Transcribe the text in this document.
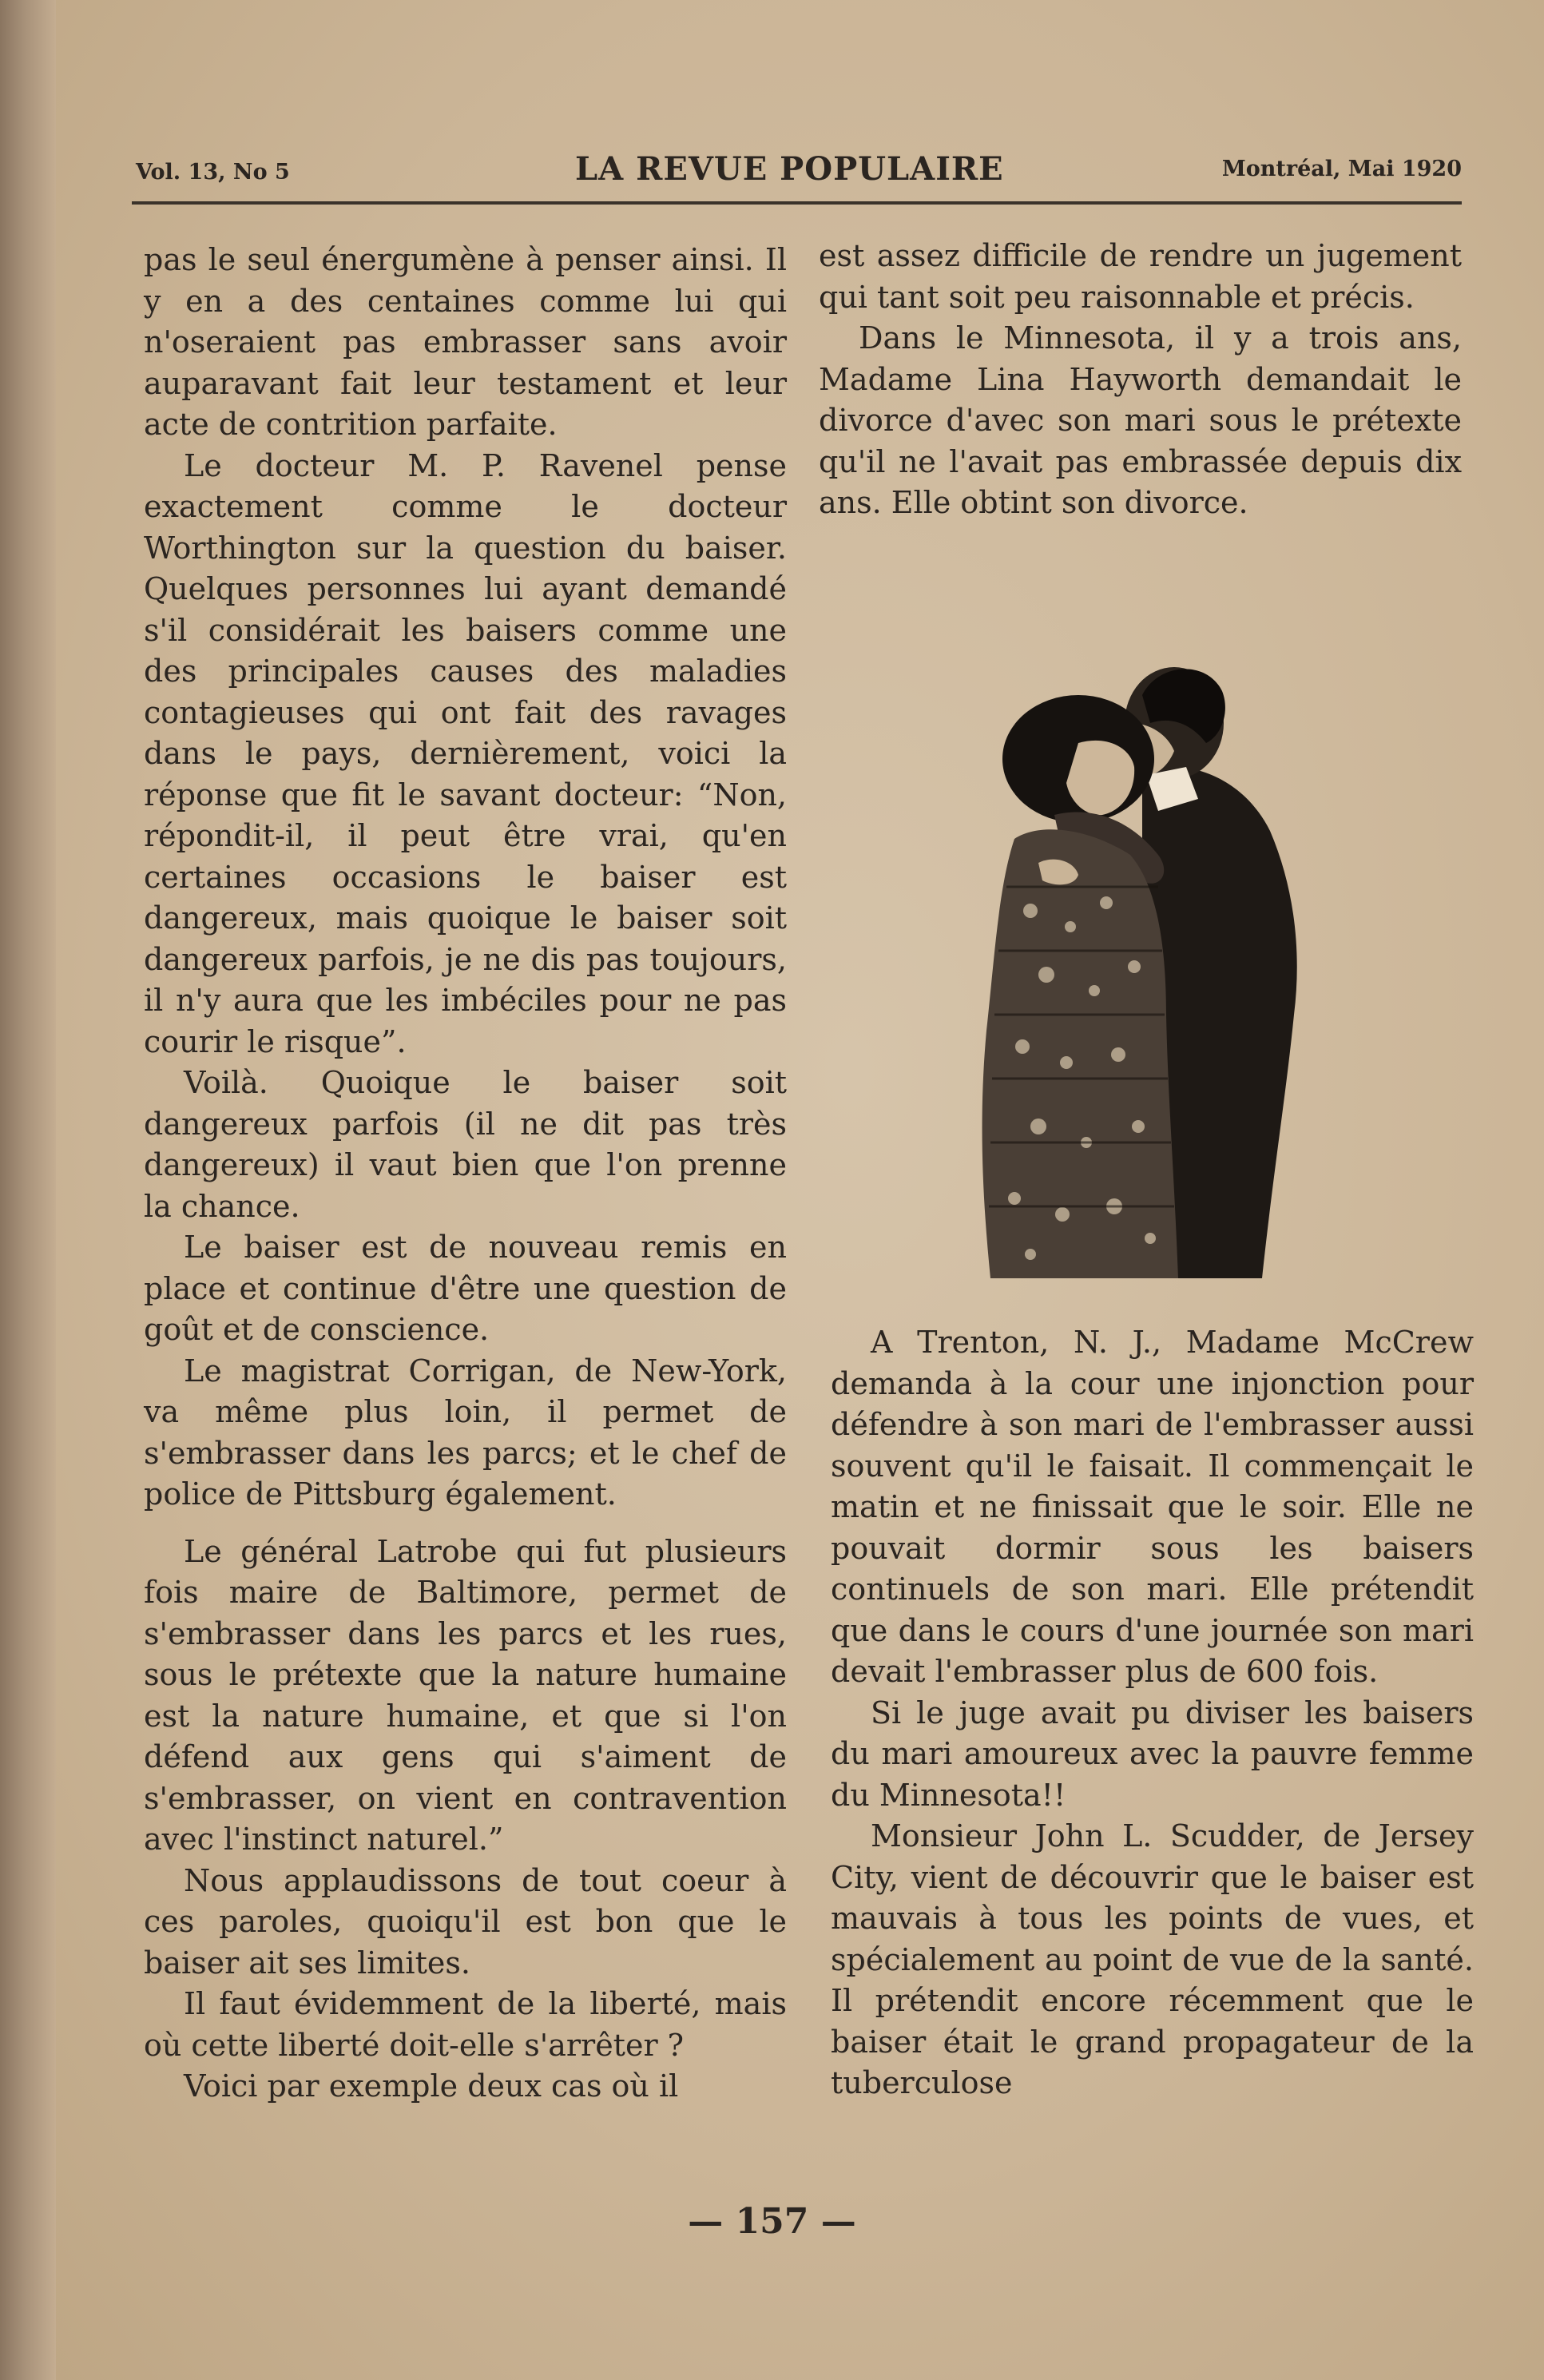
Vol. 13, No 5	LA REVUE POPULAIRE	Montréal, Mai 1920

pas le seul énergumène à penser ainsi. Il y en a des centaines comme lui qui n'oseraient pas embrasser sans avoir auparavant fait leur testament et leur acte de contrition parfaite.

Le docteur M. P. Ravenel pense exactement comme le docteur Worthington sur la question du baiser. Quelques personnes lui ayant demandé s'il considérait les baisers comme une des principales causes des maladies contagieuses qui ont fait des ravages dans le pays, dernièrement, voici la réponse que fit le savant docteur: “Non, répondit-il, il peut être vrai, qu'en certaines occasions le baiser est dangereux, mais quoique le baiser soit dangereux parfois, je ne dis pas toujours, il n'y aura que les imbéciles pour ne pas courir le risque”.

Voilà. Quoique le baiser soit dangereux parfois (il ne dit pas très dangereux) il vaut bien que l'on prenne la chance.

Le baiser est de nouveau remis en place et continue d'être une question de goût et de conscience.

Le magistrat Corrigan, de New-York, va même plus loin, il permet de s'embrasser dans les parcs; et le chef de police de Pittsburg également.

Le général Latrobe qui fut plusieurs fois maire de Baltimore, permet de s'embrasser dans les parcs et les rues, sous le prétexte que la nature humaine est la nature humaine, et que si l'on défend aux gens qui s'aiment de s'embrasser, on vient en contravention avec l'instinct naturel.”

Nous applaudissons de tout coeur à ces paroles, quoiqu'il est bon que le baiser ait ses limites.

Il faut évidemment de la liberté, mais où cette liberté doit-elle s'arrêter ?

Voici par exemple deux cas où il

est assez difficile de rendre un jugement qui tant soit peu raisonnable et précis.

Dans le Minnesota, il y a trois ans, Madame Lina Hayworth demandait le divorce d'avec son mari sous le prétexte qu'il ne l'avait pas embrassée depuis dix ans. Elle obtint son divorce.

A Trenton, N. J., Madame McCrew demanda à la cour une injonction pour défendre à son mari de l'embrasser aussi souvent qu'il le faisait. Il commençait le matin et ne finissait que le soir. Elle ne pouvait dormir sous les baisers continuels de son mari. Elle prétendit que dans le cours d'une journée son mari devait l'embrasser plus de 600 fois.

Si le juge avait pu diviser les baisers du mari amoureux avec la pauvre femme du Minnesota!!

Monsieur John L. Scudder, de Jersey City, vient de découvrir que le baiser est mauvais à tous les points de vues, et spécialement au point de vue de la santé. Il prétendit encore récemment que le baiser était le grand propagateur de la tuberculose

— 157 —
